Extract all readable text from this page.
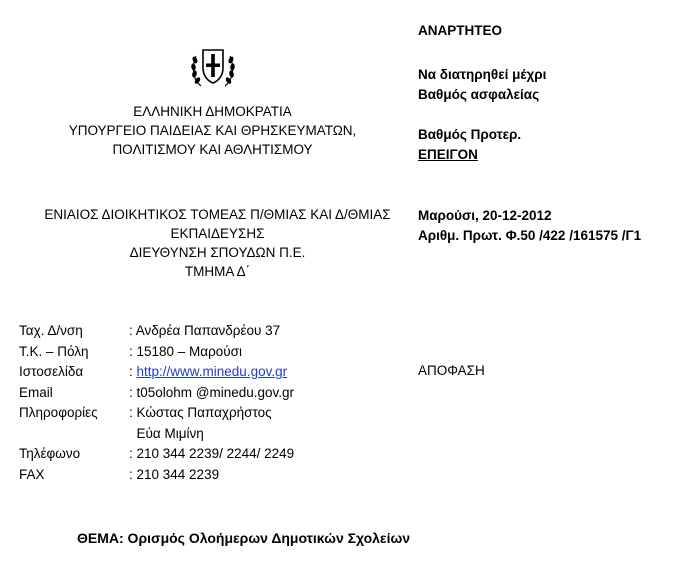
ΕΛΛΗΝΙΚΗ ΔΗΜΟΚΡΑΤΙΑ
ΥΠΟΥΡΓΕΙΟ ΠΑΙΔΕΙΑΣ ΚΑΙ ΘΡΗΣΚΕΥΜΑΤΩΝ,
ΠΟΛΙΤΙΣΜΟΥ ΚΑΙ ΑΘΛΗΤΙΣΜΟΥ
ΕΝΙΑΙΟΣ ΔΙΟΙΚΗΤΙΚΟΣ ΤΟΜΕΑΣ Π/ΘΜΙΑΣ ΚΑΙ Δ/ΘΜΙΑΣ
ΕΚΠΑΙΔΕΥΣΗΣ
ΔΙΕΥΘΥΝΣΗ ΣΠΟΥΔΩΝ Π.Ε.
ΤΜΗΜΑ Δ΄
Ταχ. Δ/νση	: Ανδρέα Παπανδρέου 37
Τ.Κ. – Πόλη	: 15180 – Μαρούσι
Ιστοσελίδα	: http://www.minedu.gov.gr
Email	: t05olohm @minedu.gov.gr
Πληροφορίες : Κώστας Παπαχρήστος
Εύα Μιμίνη
Τηλέφωνο	: 210 344 2239/ 2244/ 2249
FAX	: 210 344 2239
ΑΝΑΡΤΗΤΕΟ
Να διατηρηθεί μέχρι
Βαθμός ασφαλείας
Βαθμός Προτερ.
ΕΠΕΙΓΟΝ
Μαρούσι, 20-12-2012
Αριθμ. Πρωτ. Φ.50 /422 /161575 /Γ1
ΑΠΟΦΑΣΗ
ΘΕΜΑ: Ορισμός Ολοήμερων Δημοτικών Σχολείων
